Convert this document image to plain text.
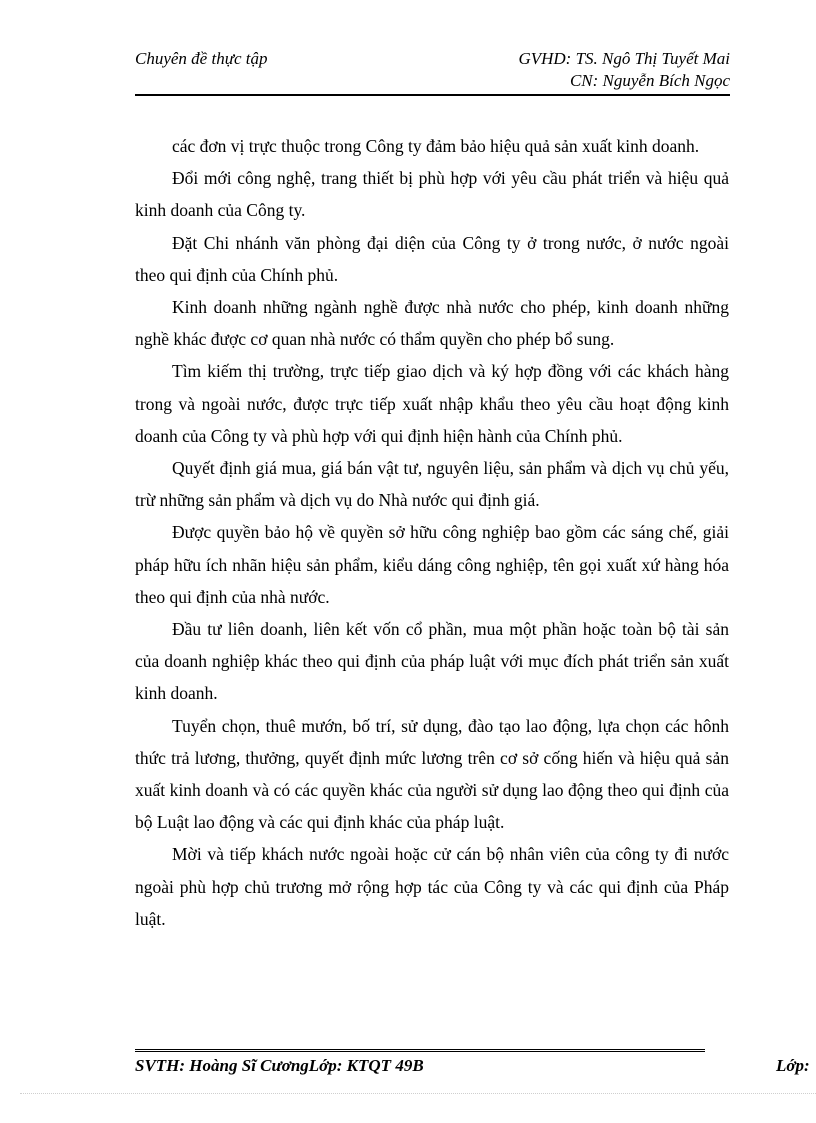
Chuyên đề thực tập	GVHD: TS. Ngô Thị Tuyết Mai
CN: Nguyễn Bích Ngọc

các đơn vị trực thuộc trong Công ty đảm bảo hiệu quả sản xuất kinh doanh.

Đổi mới công nghệ, trang thiết bị phù hợp với yêu cầu phát triển và hiệu quả kinh doanh của Công ty.

Đặt Chi nhánh văn phòng đại diện của Công ty ở trong nước, ở nước ngoài theo qui định của Chính phủ.

Kinh doanh những ngành nghề được nhà nước cho phép, kinh doanh những nghề khác được cơ quan nhà nước có thẩm quyền cho phép bổ sung.

Tìm kiếm thị trường, trực tiếp giao dịch và ký hợp đồng với các khách hàng trong và ngoài nước, được trực tiếp xuất nhập khẩu theo yêu cầu hoạt động kinh doanh của Công ty và phù hợp với qui định hiện hành của Chính phủ.

Quyết định giá mua, giá bán vật tư, nguyên liệu, sản phẩm và dịch vụ chủ yếu, trừ những sản phẩm và dịch vụ do Nhà nước qui định giá.

Được quyền bảo hộ về quyền sở hữu công nghiệp bao gồm các sáng chế, giải pháp hữu ích nhãn hiệu sản phẩm, kiểu dáng công nghiệp, tên gọi xuất xứ hàng hóa theo qui định của nhà nước.

Đầu tư liên doanh, liên kết vốn cổ phần, mua một phần hoặc toàn bộ tài sản của doanh nghiệp khác theo qui định của pháp luật với mục đích phát triển sản xuất kinh doanh.

Tuyển chọn, thuê mướn, bố trí, sử dụng, đào tạo lao động, lựa chọn các hônh thức trả lương, thưởng, quyết định mức lương trên cơ sở cống hiến và hiệu quả sản xuất kinh doanh và có các quyền khác của người sử dụng lao động theo qui định của bộ Luật lao động và các qui định khác của pháp luật.

Mời và tiếp khách nước ngoài hoặc cử cán bộ nhân viên của công ty đi nước ngoài phù hợp chủ trương mở rộng hợp tác của Công ty và các qui định của Pháp luật.

SVTH: Hoàng Sĩ CươngLớp: KTQT 49B	Lớp:
